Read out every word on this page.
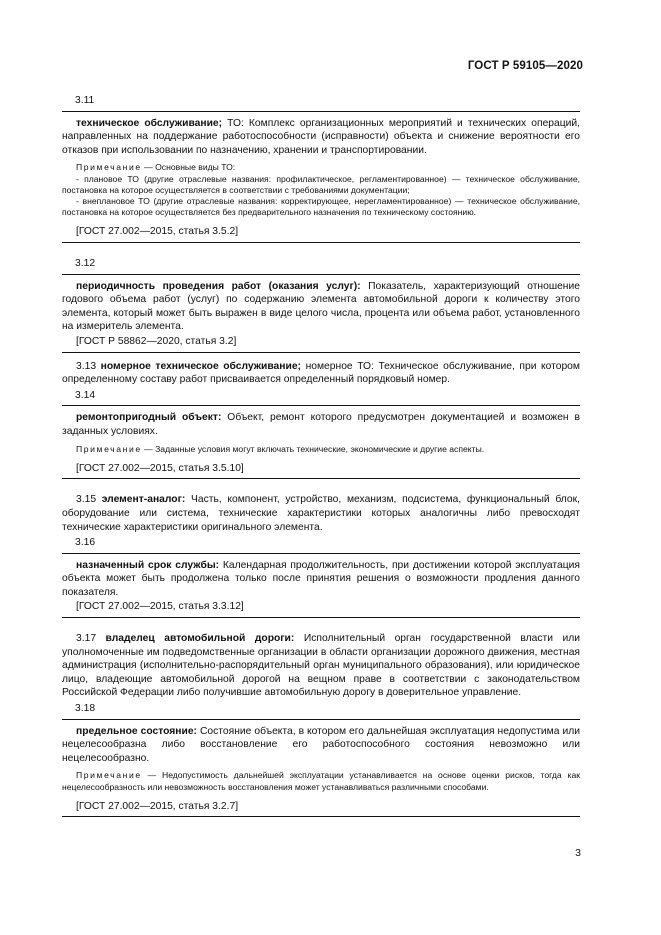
ГОСТ Р 59105—2020
3.11

техническое обслуживание; ТО: Комплекс организационных мероприятий и технических операций, направленных на поддержание работоспособности (исправности) объекта и снижение вероятности его отказов при использовании по назначению, хранении и транспортировании.

Примечание — Основные виды ТО:

- плановое ТО (другие отраслевые названия: профилактическое, регламентированное) — техническое обслуживание, постановка на которое осуществляется в соответствии с требованиями документации;

- внеплановое ТО (другие отраслевые названия: корректирующее, нерегламентированное) — техническое обслуживание, постановка на которое осуществляется без предварительного назначения по техническому состоянию.

[ГОСТ 27.002—2015, статья 3.5.2]
3.12

периодичность проведения работ (оказания услуг): Показатель, характеризующий отношение годового объема работ (услуг) по содержанию элемента автомобильной дороги к количеству этого элемента, который может быть выражен в виде целого числа, процента или объема работ, установленного на измеритель элемента.

[ГОСТ Р 58862—2020, статья 3.2]

3.13 номерное техническое обслуживание; номерное ТО: Техническое обслуживание, при котором определенному составу работ присваивается определенный порядковый номер.

3.14

ремонтопригодный объект: Объект, ремонт которого предусмотрен документацией и возможен в заданных условиях.

Примечание — Заданные условия могут включать технические, экономические и другие аспекты.

[ГОСТ 27.002—2015, статья 3.5.10]

3.15 элемент-аналог: Часть, компонент, устройство, механизм, подсистема, функциональный блок, оборудование или система, технические характеристики которых аналогичны либо превосходят технические характеристики оригинального элемента.

3.16

назначенный срок службы: Календарная продолжительность, при достижении которой эксплуатация объекта может быть продолжена только после принятия решения о возможности продления данного показателя.

[ГОСТ 27.002—2015, статья 3.3.12]

3.17 владелец автомобильной дороги: Исполнительный орган государственной власти или уполномоченные им подведомственные организации в области организации дорожного движения, местная администрация (исполнительно-распорядительный орган муниципального образования), или юридическое лицо, владеющие автомобильной дорогой на вещном праве в соответствии с законодательством Российской Федерации либо получившие автомобильную дорогу в доверительное управление.

3.18

предельное состояние: Состояние объекта, в котором его дальнейшая эксплуатация недопустима или нецелесообразна либо восстановление его работоспособного состояния невозможно или нецелесообразно.

Примечание — Недопустимость дальнейшей эксплуатации устанавливается на основе оценки рисков, тогда как нецелесообразность или невозможность восстановления может устанавливаться различными способами.

[ГОСТ 27.002—2015, статья 3.2.7]
3
